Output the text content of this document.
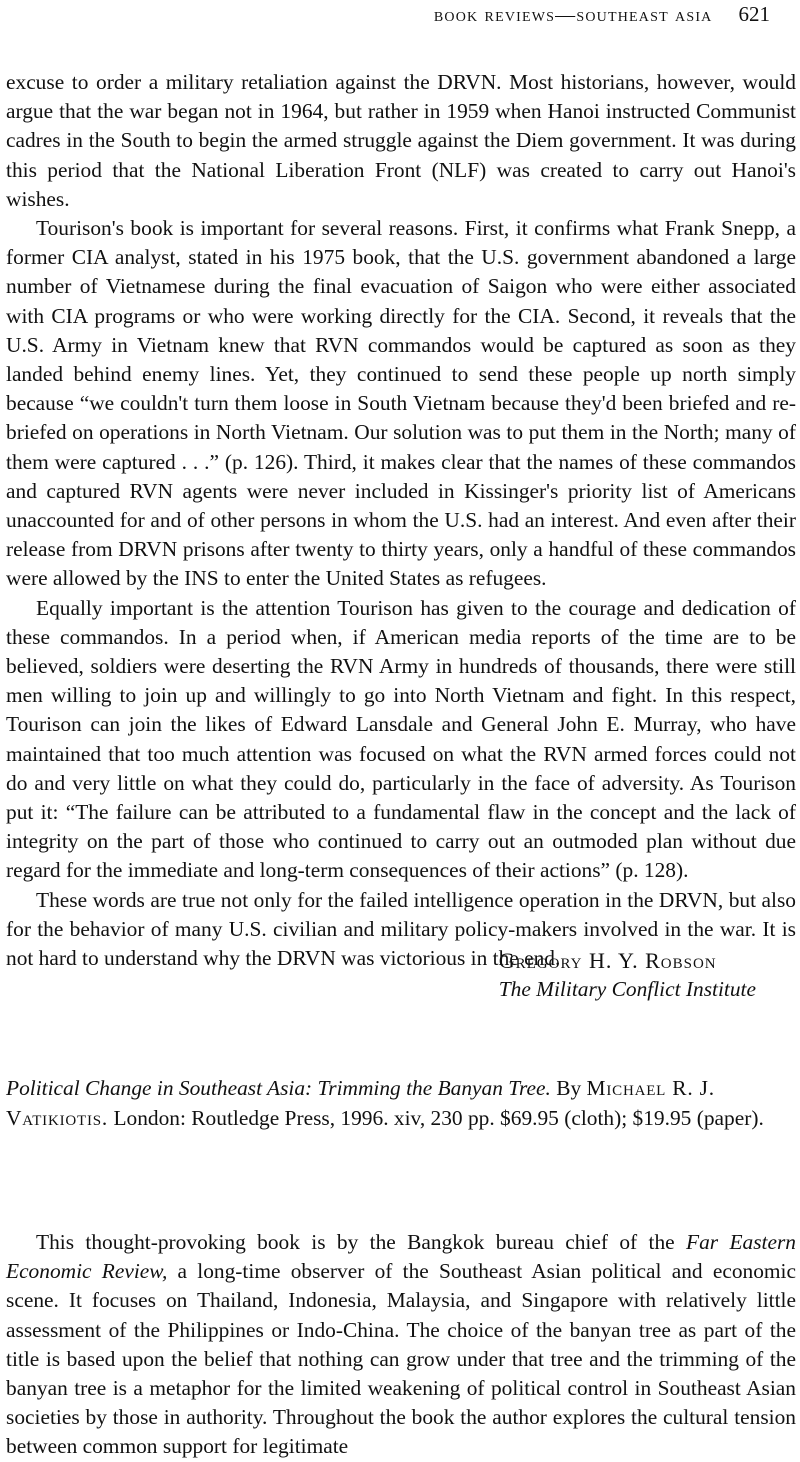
book reviews—southeast asia 621

excuse to order a military retaliation against the DRVN. Most historians, however, would argue that the war began not in 1964, but rather in 1959 when Hanoi instructed Communist cadres in the South to begin the armed struggle against the Diem government. It was during this period that the National Liberation Front (NLF) was created to carry out Hanoi's wishes.

Tourison's book is important for several reasons. First, it confirms what Frank Snepp, a former CIA analyst, stated in his 1975 book, that the U.S. government abandoned a large number of Vietnamese during the final evacuation of Saigon who were either associated with CIA programs or who were working directly for the CIA. Second, it reveals that the U.S. Army in Vietnam knew that RVN commandos would be captured as soon as they landed behind enemy lines. Yet, they continued to send these people up north simply because “we couldn't turn them loose in South Vietnam because they'd been briefed and re-briefed on operations in North Vietnam. Our solution was to put them in the North; many of them were captured . . .” (p. 126). Third, it makes clear that the names of these commandos and captured RVN agents were never included in Kissinger's priority list of Americans unaccounted for and of other persons in whom the U.S. had an interest. And even after their release from DRVN prisons after twenty to thirty years, only a handful of these commandos were allowed by the INS to enter the United States as refugees.

Equally important is the attention Tourison has given to the courage and dedication of these commandos. In a period when, if American media reports of the time are to be believed, soldiers were deserting the RVN Army in hundreds of thousands, there were still men willing to join up and willingly to go into North Vietnam and fight. In this respect, Tourison can join the likes of Edward Lansdale and General John E. Murray, who have maintained that too much attention was focused on what the RVN armed forces could not do and very little on what they could do, particularly in the face of adversity. As Tourison put it: “The failure can be attributed to a fundamental flaw in the concept and the lack of integrity on the part of those who continued to carry out an outmoded plan without due regard for the immediate and long-term consequences of their actions” (p. 128).

These words are true not only for the failed intelligence operation in the DRVN, but also for the behavior of many U.S. civilian and military policy-makers involved in the war. It is not hard to understand why the DRVN was victorious in the end.

Gregory H. Y. Robson
The Military Conflict Institute
Political Change in Southeast Asia: Trimming the Banyan Tree. By Michael R. J. Vatikiotis. London: Routledge Press, 1996. xiv, 230 pp. $69.95 (cloth); $19.95 (paper).

This thought-provoking book is by the Bangkok bureau chief of the Far Eastern Economic Review, a long-time observer of the Southeast Asian political and economic scene. It focuses on Thailand, Indonesia, Malaysia, and Singapore with relatively little assessment of the Philippines or Indo-China. The choice of the banyan tree as part of the title is based upon the belief that nothing can grow under that tree and the trimming of the banyan tree is a metaphor for the limited weakening of political control in Southeast Asian societies by those in authority. Throughout the book the author explores the cultural tension between common support for legitimate
